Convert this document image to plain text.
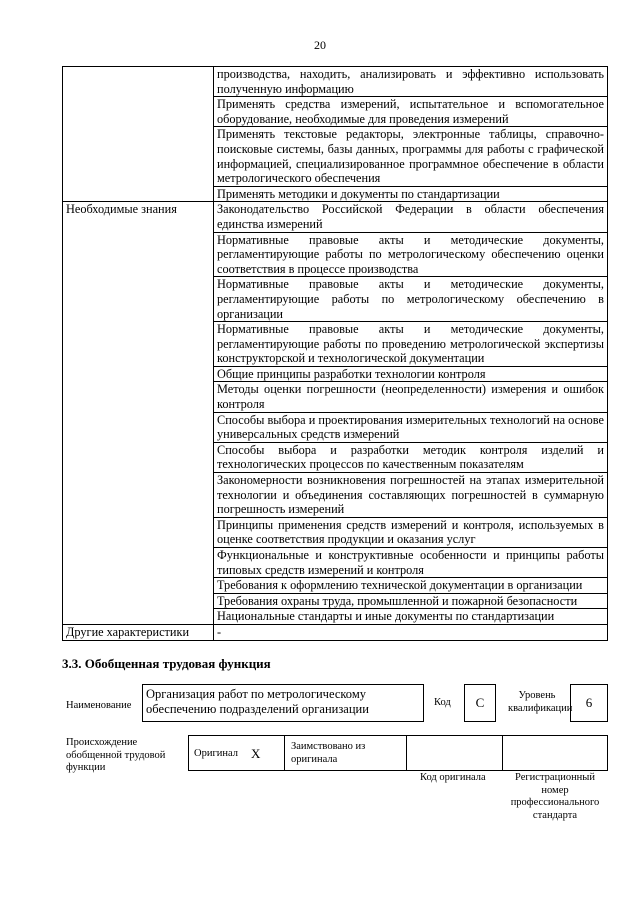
20
	производства, находить, анализировать и эффективно использовать полученную информацию
	Применять средства измерений, испытательное и вспомогательное оборудование, необходимые для проведения измерений
	Применять текстовые редакторы, электронные таблицы, справочно-поисковые системы, базы данных, программы для работы с графической информацией, специализированное программное обеспечение в области метрологического обеспечения
	Применять методики и документы по стандартизации
Необходимые знания	Законодательство Российской Федерации в области обеспечения единства измерений
	Нормативные правовые акты и методические документы, регламентирующие работы по метрологическому обеспечению оценки соответствия в процессе производства
	Нормативные правовые акты и методические документы, регламентирующие работы по метрологическому обеспечению в организации
	Нормативные правовые акты и методические документы, регламентирующие работы по проведению метрологической экспертизы конструкторской и технологической документации
	Общие принципы разработки технологии контроля
	Методы оценки погрешности (неопределенности) измерения и ошибок контроля
	Способы выбора и проектирования измерительных технологий на основе универсальных средств измерений
	Способы выбора и разработки методик контроля изделий и технологических процессов по качественным показателям
	Закономерности возникновения погрешностей на этапах измерительной технологии и объединения составляющих погрешностей в суммарную погрешность измерений
	Принципы применения средств измерений и контроля, используемых в оценке соответствия продукции и оказания услуг
	Функциональные и конструктивные особенности и принципы работы типовых средств измерений и контроля
	Требования к оформлению технической документации в организации
	Требования охраны труда, промышленной и пожарной безопасности
	Национальные стандарты и иные документы по стандартизации
Другие характеристики	-
3.3. Обобщенная трудовая функция
Наименование
Организация работ по метрологическому обеспечению подразделений организации	Код	C	Уровень квалификации	6
Происхождение обобщенной трудовой функции
Оригинал X	Заимствовано из оригинала
Код оригинала	Регистрационный номер профессионального стандарта
